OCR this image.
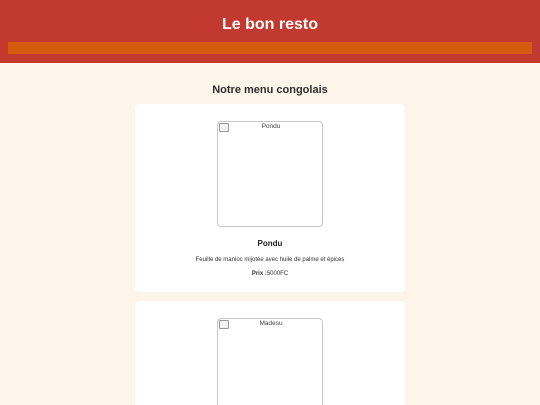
Le bon resto
Notre menu congolais
Pondu
Pondu
Feuille de manioc mijotée avec huile de palme et épices
Prix :5000FC
Madesu
